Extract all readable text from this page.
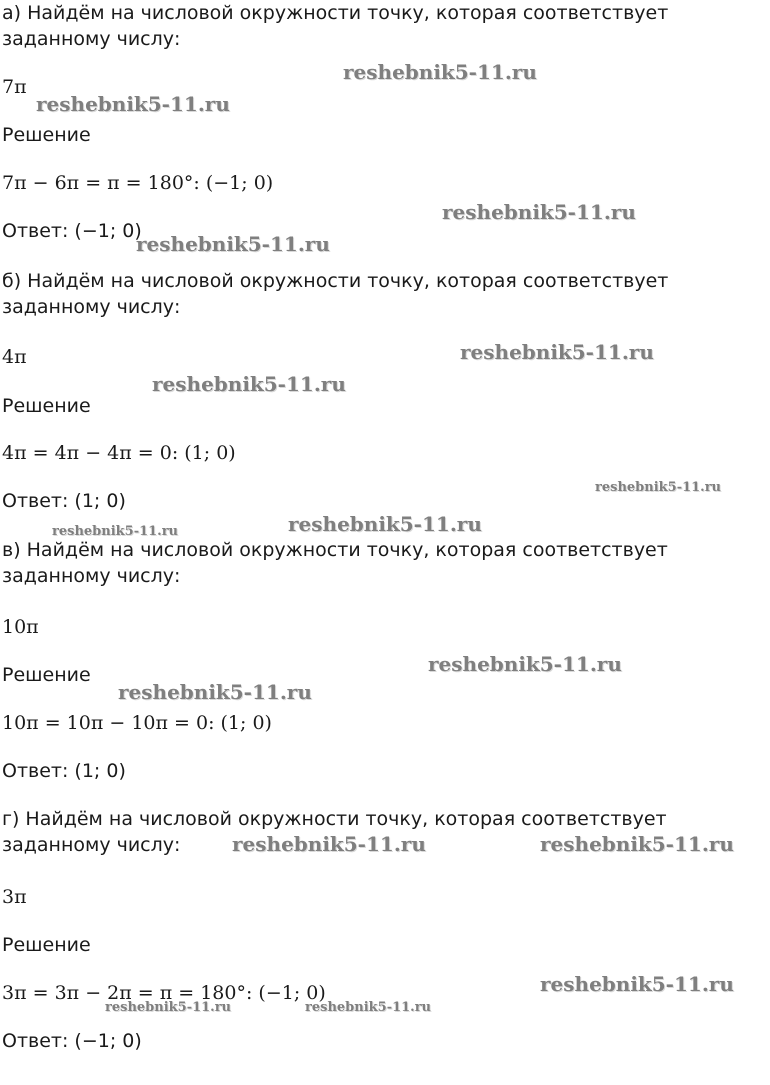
а) Найдём на числовой окружности точку, которая соответствует заданному числу:

7π

Решение

7π − 6π = π = 180°: (−1; 0)

Ответ: (−1; 0)

б) Найдём на числовой окружности точку, которая соответствует заданному числу:

4π

Решение

4π = 4π − 4π = 0: (1; 0)

Ответ: (1; 0)

в) Найдём на числовой окружности точку, которая соответствует заданному числу:

10π

Решение

10π = 10π − 10π = 0: (1; 0)

Ответ: (1; 0)

г) Найдём на числовой окружности точку, которая соответствует заданному числу:

3π

Решение

3π = 3π − 2π = π = 180°: (−1; 0)

Ответ: (−1; 0)

reshebnik5-11.ru
reshebnik5-11.ru
reshebnik5-11.ru
reshebnik5-11.ru
reshebnik5-11.ru
reshebnik5-11.ru
reshebnik5-11.ru
reshebnik5-11.ru
reshebnik5-11.ru
reshebnik5-11.ru
reshebnik5-11.ru
reshebnik5-11.ru	reshebnik5-11.ru
reshebnik5-11.ru
reshebnik5-11.ru	reshebnik5-11.ru
